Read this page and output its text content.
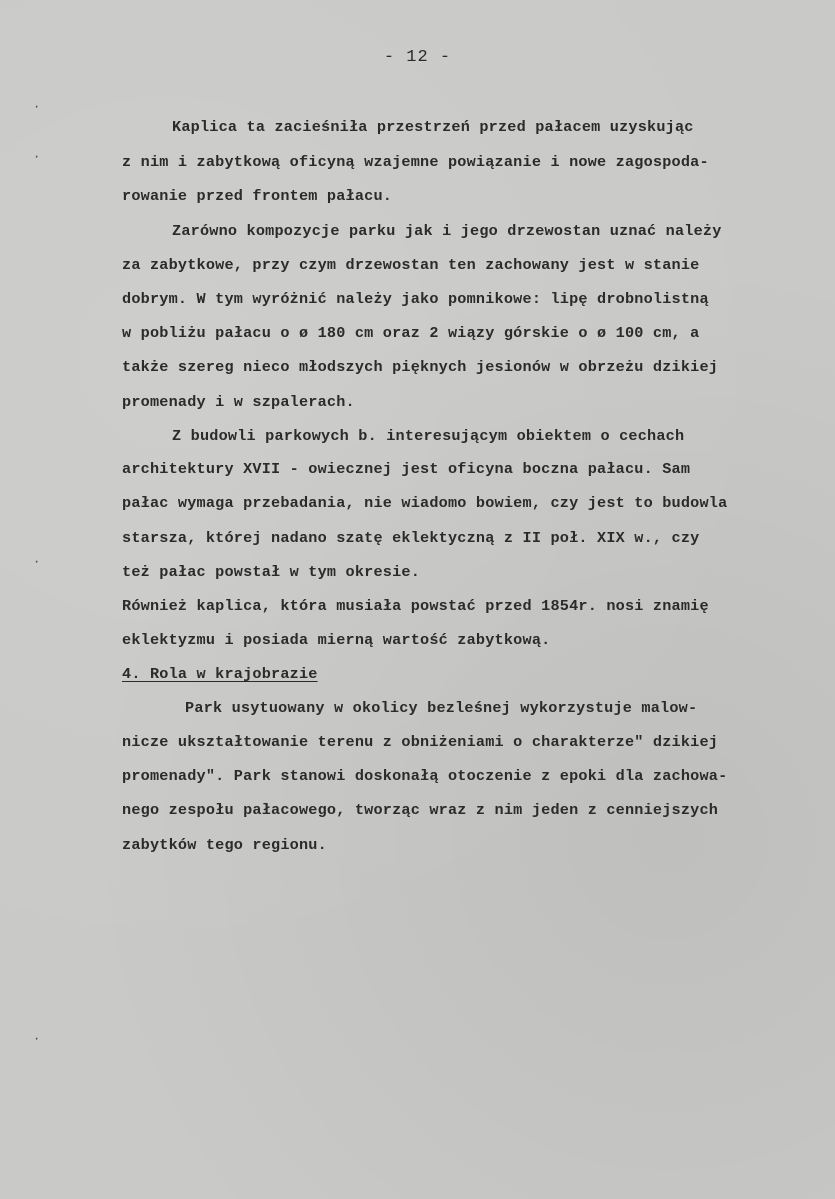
- 12 -
Kaplica ta zacieśniła przestrzeń przed pałacem uzyskując
z nim i zabytkową oficyną wzajemne powiązanie i nowe zagospoda-
rowanie przed frontem pałacu.
Zarówno kompozycje parku jak i jego drzewostan uznać należy
za zabytkowe, przy czym drzewostan ten zachowany jest w stanie
dobrym. W tym wyróżnić należy jako pomnikowe: lipę drobnolistną
w pobliżu pałacu o ø 180 cm oraz 2 wiązy górskie o ø 100 cm, a
także szereg nieco młodszych pięknych jesionów w obrzeżu dzikiej
promenady i w szpalerach.
Z budowli parkowych b. interesującym obiektem o cechach
architektury XVII - owiecznej jest oficyna boczna pałacu. Sam
pałac wymaga przebadania, nie wiadomo bowiem, czy jest to budowla
starsza, której nadano szatę eklektyczną z II poł. XIX w., czy
też pałac powstał w tym okresie.
Również kaplica, która musiała powstać przed 1854r. nosi znamię
eklektyzmu i posiada mierną wartość zabytkową.
4. Rola w krajobrazie
Park usytuowany w okolicy bezleśnej wykorzystuje malow-
nicze ukształtowanie terenu z obniżeniami o charakterze" dzikiej
promenady". Park stanowi doskonałą otoczenie z epoki dla zachowa-
nego zespołu pałacowego, tworząc wraz z nim jeden z cenniejszych
zabytków tego regionu.
·
·
·
·
